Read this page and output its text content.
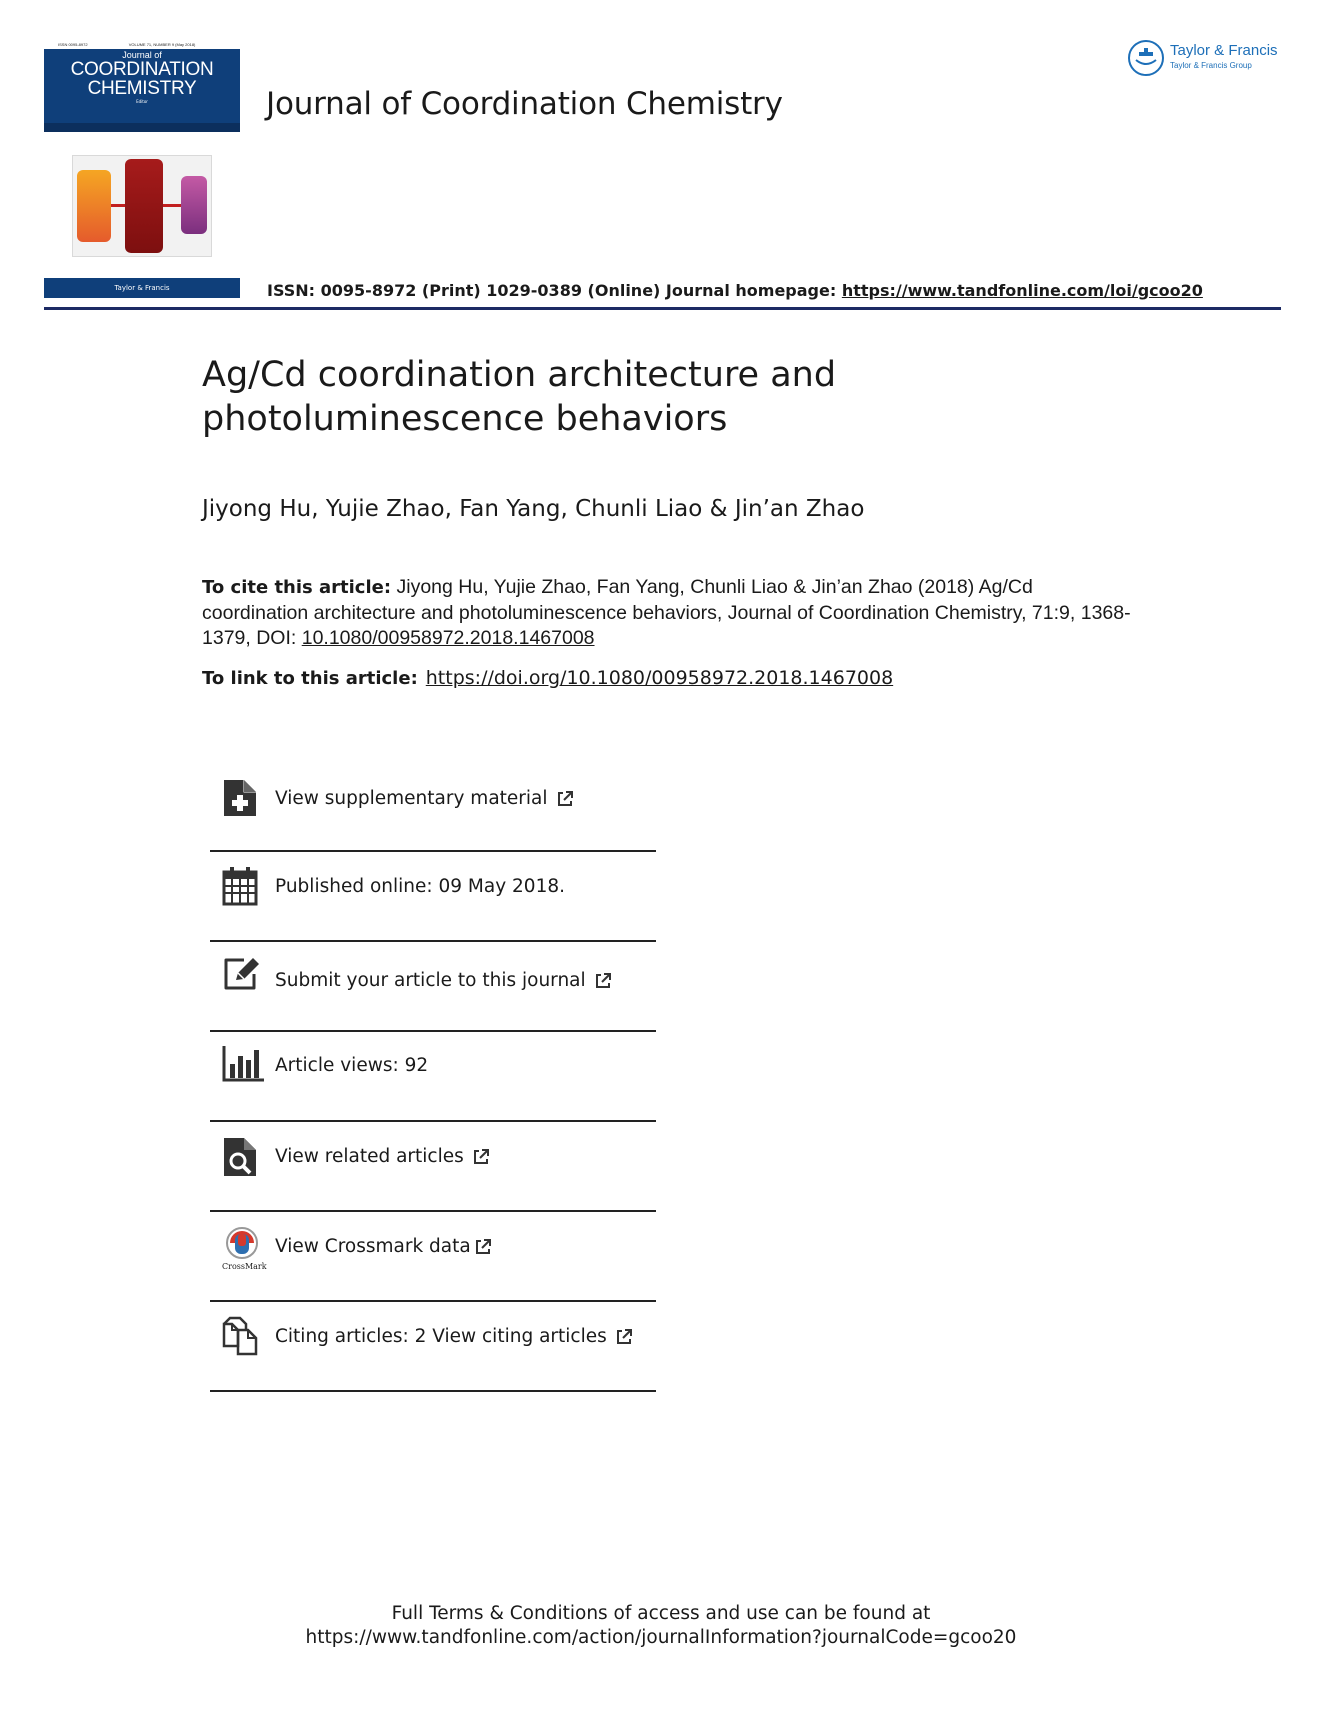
ISSN 0095-8972	VOLUME 71, NUMBER 9 (May 2018)
Journal of
COORDINATION
CHEMISTRY
Editor
Taylor & Francis
Journal of Coordination Chemistry
Taylor & Francis
Taylor & Francis Group
ISSN: 0095-8972 (Print) 1029-0389 (Online) Journal homepage: https://www.tandfonline.com/loi/gcoo20
Ag/Cd coordination architecture and
photoluminescence behaviors
Jiyong Hu, Yujie Zhao, Fan Yang, Chunli Liao & Jin’an Zhao
To cite this article: Jiyong Hu, Yujie Zhao, Fan Yang, Chunli Liao & Jin’an Zhao (2018) Ag/Cd coordination architecture and photoluminescence behaviors, Journal of Coordination Chemistry, 71:9, 1368-1379, DOI: 10.1080/00958972.2018.1467008
To link to this article: https://doi.org/10.1080/00958972.2018.1467008
View supplementary material
Published online: 09 May 2018.
Submit your article to this journal
Article views: 92
View related articles
CrossMark
View Crossmark data
Citing articles: 2 View citing articles
Full Terms & Conditions of access and use can be found at
https://www.tandfonline.com/action/journalInformation?journalCode=gcoo20
